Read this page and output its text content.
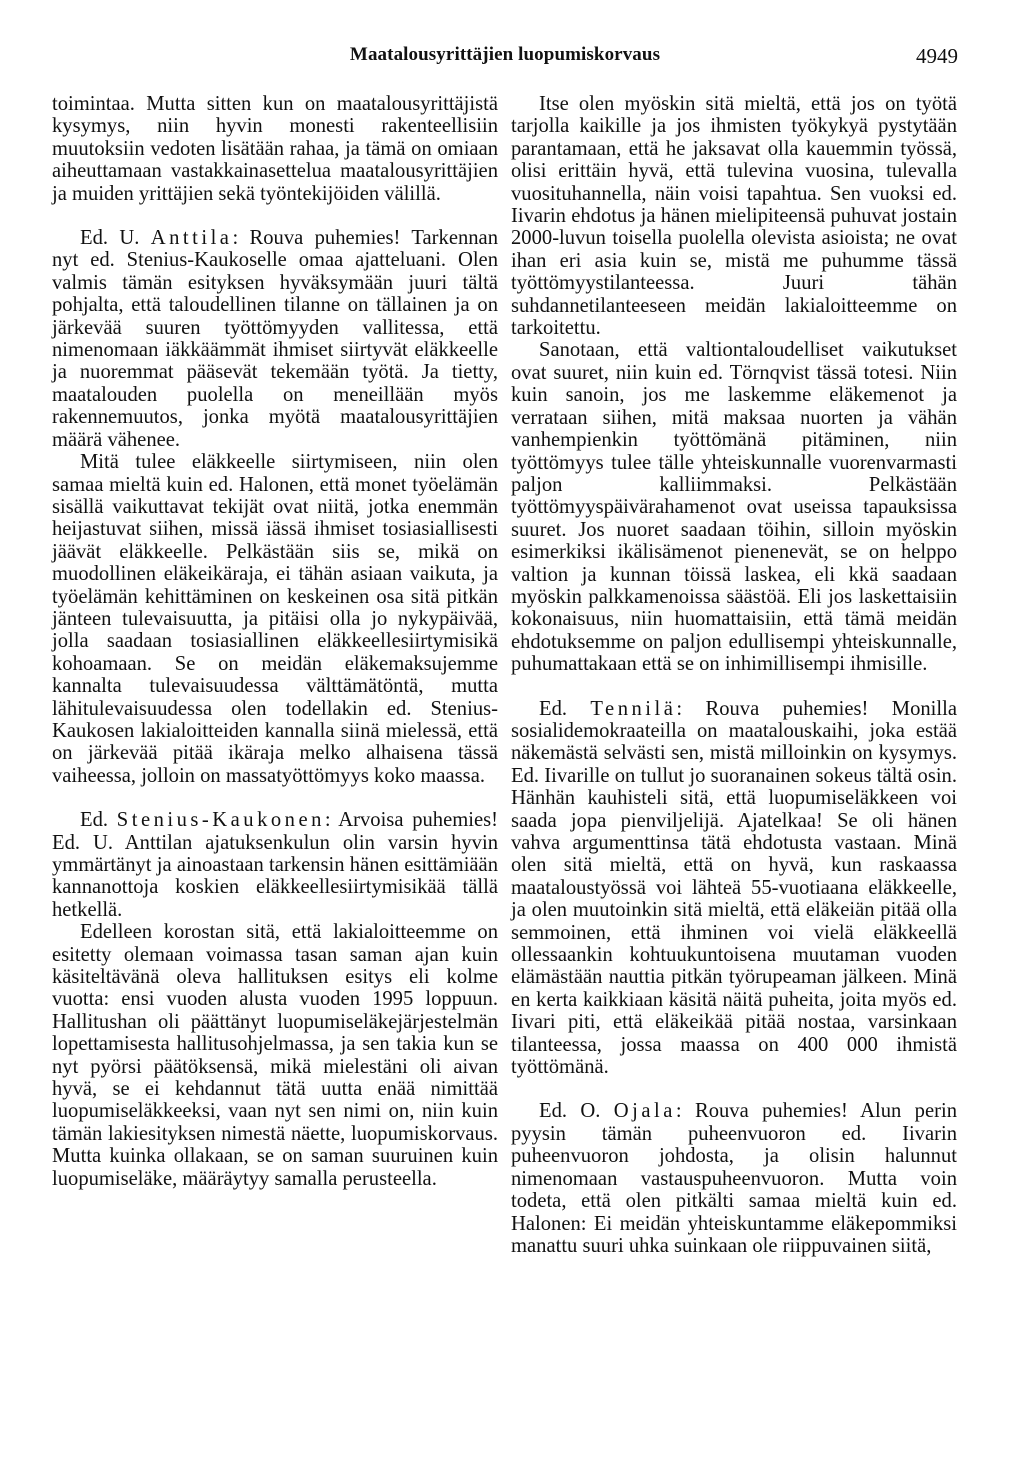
Maatalousyrittäjien luopumiskorvaus	4949

toimintaa. Mutta sitten kun on maatalousyrittäjistä kysymys, niin hyvin monesti rakenteellisiin muutoksiin vedoten lisätään rahaa, ja tämä on omiaan aiheuttamaan vastakkainasettelua maatalousyrittäjien ja muiden yrittäjien sekä työntekijöiden välillä.

Ed. U. Anttila: Rouva puhemies! Tarkennan nyt ed. Stenius-Kaukoselle omaa ajatteluani. Olen valmis tämän esityksen hyväksymään juuri tältä pohjalta, että taloudellinen tilanne on tällainen ja on järkevää suuren työttömyyden vallitessa, että nimenomaan iäkkäämmät ihmiset siirtyvät eläkkeelle ja nuoremmat pääsevät tekemään työtä. Ja tietty, maatalouden puolella on meneillään myös rakennemuutos, jonka myötä maatalousyrittäjien määrä vähenee.

Mitä tulee eläkkeelle siirtymiseen, niin olen samaa mieltä kuin ed. Halonen, että monet työelämän sisällä vaikuttavat tekijät ovat niitä, jotka enemmän heijastuvat siihen, missä iässä ihmiset tosiasiallisesti jäävät eläkkeelle. Pelkästään siis se, mikä on muodollinen eläkeikäraja, ei tähän asiaan vaikuta, ja työelämän kehittäminen on keskeinen osa sitä pitkän jänteen tulevaisuutta, ja pitäisi olla jo nykypäivää, jolla saadaan tosiasiallinen eläkkeellesiirtymisikä kohoamaan. Se on meidän eläkemaksujemme kannalta tulevaisuudessa välttämätöntä, mutta lähitulevaisuudessa olen todellakin ed. Stenius-Kaukosen lakialoitteiden kannalla siinä mielessä, että on järkevää pitää ikäraja melko alhaisena tässä vaiheessa, jolloin on massatyöttömyys koko maassa.

Ed. Stenius-Kaukonen: Arvoisa puhemies! Ed. U. Anttilan ajatuksenkulun olin varsin hyvin ymmärtänyt ja ainoastaan tarkensin hänen esittämiään kannanottoja koskien eläkkeellesiirtymisikää tällä hetkellä.

Edelleen korostan sitä, että lakialoitteemme on esitetty olemaan voimassa tasan saman ajan kuin käsiteltävänä oleva hallituksen esitys eli kolme vuotta: ensi vuoden alusta vuoden 1995 loppuun. Hallitushan oli päättänyt luopumiseläkejärjestelmän lopettamisesta hallitusohjelmassa, ja sen takia kun se nyt pyörsi päätöksensä, mikä mielestäni oli aivan hyvä, se ei kehdannut tätä uutta enää nimittää luopumiseläkkeeksi, vaan nyt sen nimi on, niin kuin tämän lakiesityksen nimestä näette, luopumiskorvaus. Mutta kuinka ollakaan, se on saman suuruinen kuin luopumiseläke, määräytyy samalla perusteella.

Itse olen myöskin sitä mieltä, että jos on työtä tarjolla kaikille ja jos ihmisten työkykyä pystytään parantamaan, että he jaksavat olla kauemmin työssä, olisi erittäin hyvä, että tulevina vuosina, tulevalla vuosituhannella, näin voisi tapahtua. Sen vuoksi ed. Iivarin ehdotus ja hänen mielipiteensä puhuvat jostain 2000-luvun toisella puolella olevista asioista; ne ovat ihan eri asia kuin se, mistä me puhumme tässä työttömyystilanteessa. Juuri tähän suhdannetilanteeseen meidän lakialoitteemme on tarkoitettu.

Sanotaan, että valtiontaloudelliset vaikutukset ovat suuret, niin kuin ed. Törnqvist tässä totesi. Niin kuin sanoin, jos me laskemme eläkemenot ja verrataan siihen, mitä maksaa nuorten ja vähän vanhempienkin työttömänä pitäminen, niin työttömyys tulee tälle yhteiskunnalle vuorenvarmasti paljon kalliimmaksi. Pelkästään työttömyyspäivärahamenot ovat useissa tapauksissa suuret. Jos nuoret saadaan töihin, silloin myöskin esimerkiksi ikälisämenot pienenevät, se on helppo valtion ja kunnan töissä laskea, eli kkä saadaan myöskin palkkamenoissa säästöä. Eli jos laskettaisiin kokonaisuus, niin huomattaisiin, että tämä meidän ehdotuksemme on paljon edullisempi yhteiskunnalle, puhumattakaan että se on inhimillisempi ihmisille.

Ed. Tennilä: Rouva puhemies! Monilla sosialidemokraateilla on maatalouskaihi, joka estää näkemästä selvästi sen, mistä milloinkin on kysymys. Ed. Iivarille on tullut jo suoranainen sokeus tältä osin. Hänhän kauhisteli sitä, että luopumiseläkkeen voi saada jopa pienviljelijä. Ajatelkaa! Se oli hänen vahva argumenttinsa tätä ehdotusta vastaan. Minä olen sitä mieltä, että on hyvä, kun raskaassa maataloustyössä voi lähteä 55-vuotiaana eläkkeelle, ja olen muutoinkin sitä mieltä, että eläkeiän pitää olla semmoinen, että ihminen voi vielä eläkkeellä ollessaankin kohtuukuntoisena muutaman vuoden elämästään nauttia pitkän työrupeaman jälkeen. Minä en kerta kaikkiaan käsitä näitä puheita, joita myös ed. Iivari piti, että eläkeikää pitää nostaa, varsinkaan tilanteessa, jossa maassa on 400 000 ihmistä työttömänä.

Ed. O. Ojala: Rouva puhemies! Alun perin pyysin tämän puheenvuoron ed. Iivarin puheenvuoron johdosta, ja olisin halunnut nimenomaan vastauspuheenvuoron. Mutta voin todeta, että olen pitkälti samaa mieltä kuin ed. Halonen: Ei meidän yhteiskuntamme eläkepommiksi manattu suuri uhka suinkaan ole riippuvainen siitä,
